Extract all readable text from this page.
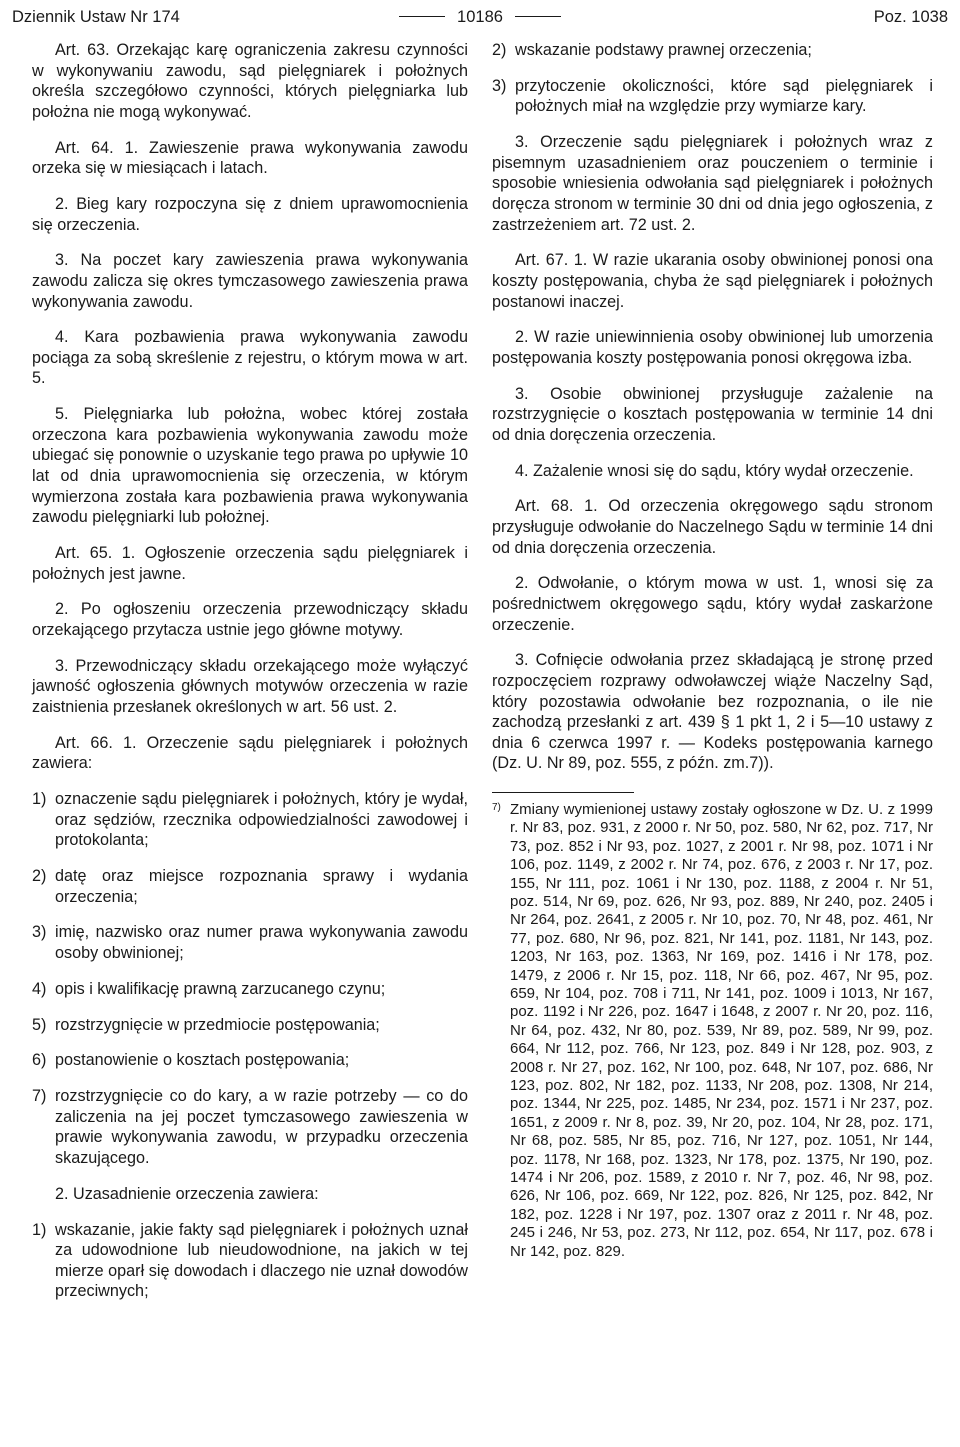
Dziennik Ustaw Nr 174	10186	Poz. 1038

Art. 63. Orzekając karę ograniczenia zakresu czynności w wykonywaniu zawodu, sąd pielęgniarek i położnych określa szczegółowo czynności, których pielęgniarka lub położna nie mogą wykonywać.

Art. 64. 1. Zawieszenie prawa wykonywania zawodu orzeka się w miesiącach i latach.

2. Bieg kary rozpoczyna się z dniem uprawomocnienia się orzeczenia.

3. Na poczet kary zawieszenia prawa wykonywania zawodu zalicza się okres tymczasowego zawieszenia prawa wykonywania zawodu.

4. Kara pozbawienia prawa wykonywania zawodu pociąga za sobą skreślenie z rejestru, o którym mowa w art. 5.

5. Pielęgniarka lub położna, wobec której została orzeczona kara pozbawienia wykonywania zawodu może ubiegać się ponownie o uzyskanie tego prawa po upływie 10 lat od dnia uprawomocnienia się orzeczenia, w którym wymierzona została kara pozbawienia prawa wykonywania zawodu pielęgniarki lub położnej.

Art. 65. 1. Ogłoszenie orzeczenia sądu pielęgniarek i położnych jest jawne.

2. Po ogłoszeniu orzeczenia przewodniczący składu orzekającego przytacza ustnie jego główne motywy.

3. Przewodniczący składu orzekającego może wyłączyć jawność ogłoszenia głównych motywów orzeczenia w razie zaistnienia przesłanek określonych w art. 56 ust. 2.

Art. 66. 1. Orzeczenie sądu pielęgniarek i położnych zawiera:

1) oznaczenie sądu pielęgniarek i położnych, który je wydał, oraz sędziów, rzecznika odpowiedzialności zawodowej i protokolanta;
2) datę oraz miejsce rozpoznania sprawy i wydania orzeczenia;
3) imię, nazwisko oraz numer prawa wykonywania zawodu osoby obwinionej;
4) opis i kwalifikację prawną zarzucanego czynu;
5) rozstrzygnięcie w przedmiocie postępowania;
6) postanowienie o kosztach postępowania;
7) rozstrzygnięcie co do kary, a w razie potrzeby — co do zaliczenia na jej poczet tymczasowego zawieszenia w prawie wykonywania zawodu, w przypadku orzeczenia skazującego.

2. Uzasadnienie orzeczenia zawiera:

1) wskazanie, jakie fakty sąd pielęgniarek i położnych uznał za udowodnione lub nieudowodnione, na jakich w tej mierze oparł się dowodach i dlaczego nie uznał dowodów przeciwnych;
2) wskazanie podstawy prawnej orzeczenia;
3) przytoczenie okoliczności, które sąd pielęgniarek i położnych miał na względzie przy wymiarze kary.

3. Orzeczenie sądu pielęgniarek i położnych wraz z pisemnym uzasadnieniem oraz pouczeniem o terminie i sposobie wniesienia odwołania sąd pielęgniarek i położnych doręcza stronom w terminie 30 dni od dnia jego ogłoszenia, z zastrzeżeniem art. 72 ust. 2.

Art. 67. 1. W razie ukarania osoby obwinionej ponosi ona koszty postępowania, chyba że sąd pielęgniarek i położnych postanowi inaczej.

2. W razie uniewinnienia osoby obwinionej lub umorzenia postępowania koszty postępowania ponosi okręgowa izba.

3. Osobie obwinionej przysługuje zażalenie na rozstrzygnięcie o kosztach postępowania w terminie 14 dni od dnia doręczenia orzeczenia.

4. Zażalenie wnosi się do sądu, który wydał orzeczenie.

Art. 68. 1. Od orzeczenia okręgowego sądu stronom przysługuje odwołanie do Naczelnego Sądu w terminie 14 dni od dnia doręczenia orzeczenia.

2. Odwołanie, o którym mowa w ust. 1, wnosi się za pośrednictwem okręgowego sądu, który wydał zaskarżone orzeczenie.

3. Cofnięcie odwołania przez składającą je stronę przed rozpoczęciem rozprawy odwoławczej wiąże Naczelny Sąd, który pozostawia odwołanie bez rozpoznania, o ile nie zachodzą przesłanki z art. 439 § 1 pkt 1, 2 i 5—10 ustawy z dnia 6 czerwca 1997 r. — Kodeks postępowania karnego (Dz. U. Nr 89, poz. 555, z późn. zm.7)).

7) Zmiany wymienionej ustawy zostały ogłoszone w Dz. U. z 1999 r. Nr 83, poz. 931, z 2000 r. Nr 50, poz. 580, Nr 62, poz. 717, Nr 73, poz. 852 i Nr 93, poz. 1027, z 2001 r. Nr 98, poz. 1071 i Nr 106, poz. 1149, z 2002 r. Nr 74, poz. 676, z 2003 r. Nr 17, poz. 155, Nr 111, poz. 1061 i Nr 130, poz. 1188, z 2004 r. Nr 51, poz. 514, Nr 69, poz. 626, Nr 93, poz. 889, Nr 240, poz. 2405 i Nr 264, poz. 2641, z 2005 r. Nr 10, poz. 70, Nr 48, poz. 461, Nr 77, poz. 680, Nr 96, poz. 821, Nr 141, poz. 1181, Nr 143, poz. 1203, Nr 163, poz. 1363, Nr 169, poz. 1416 i Nr 178, poz. 1479, z 2006 r. Nr 15, poz. 118, Nr 66, poz. 467, Nr 95, poz. 659, Nr 104, poz. 708 i 711, Nr 141, poz. 1009 i 1013, Nr 167, poz. 1192 i Nr 226, poz. 1647 i 1648, z 2007 r. Nr 20, poz. 116, Nr 64, poz. 432, Nr 80, poz. 539, Nr 89, poz. 589, Nr 99, poz. 664, Nr 112, poz. 766, Nr 123, poz. 849 i Nr 128, poz. 903, z 2008 r. Nr 27, poz. 162, Nr 100, poz. 648, Nr 107, poz. 686, Nr 123, poz. 802, Nr 182, poz. 1133, Nr 208, poz. 1308, Nr 214, poz. 1344, Nr 225, poz. 1485, Nr 234, poz. 1571 i Nr 237, poz. 1651, z 2009 r. Nr 8, poz. 39, Nr 20, poz. 104, Nr 28, poz. 171, Nr 68, poz. 585, Nr 85, poz. 716, Nr 127, poz. 1051, Nr 144, poz. 1178, Nr 168, poz. 1323, Nr 178, poz. 1375, Nr 190, poz. 1474 i Nr 206, poz. 1589, z 2010 r. Nr 7, poz. 46, Nr 98, poz. 626, Nr 106, poz. 669, Nr 122, poz. 826, Nr 125, poz. 842, Nr 182, poz. 1228 i Nr 197, poz. 1307 oraz z 2011 r. Nr 48, poz. 245 i 246, Nr 53, poz. 273, Nr 112, poz. 654, Nr 117, poz. 678 i Nr 142, poz. 829.
